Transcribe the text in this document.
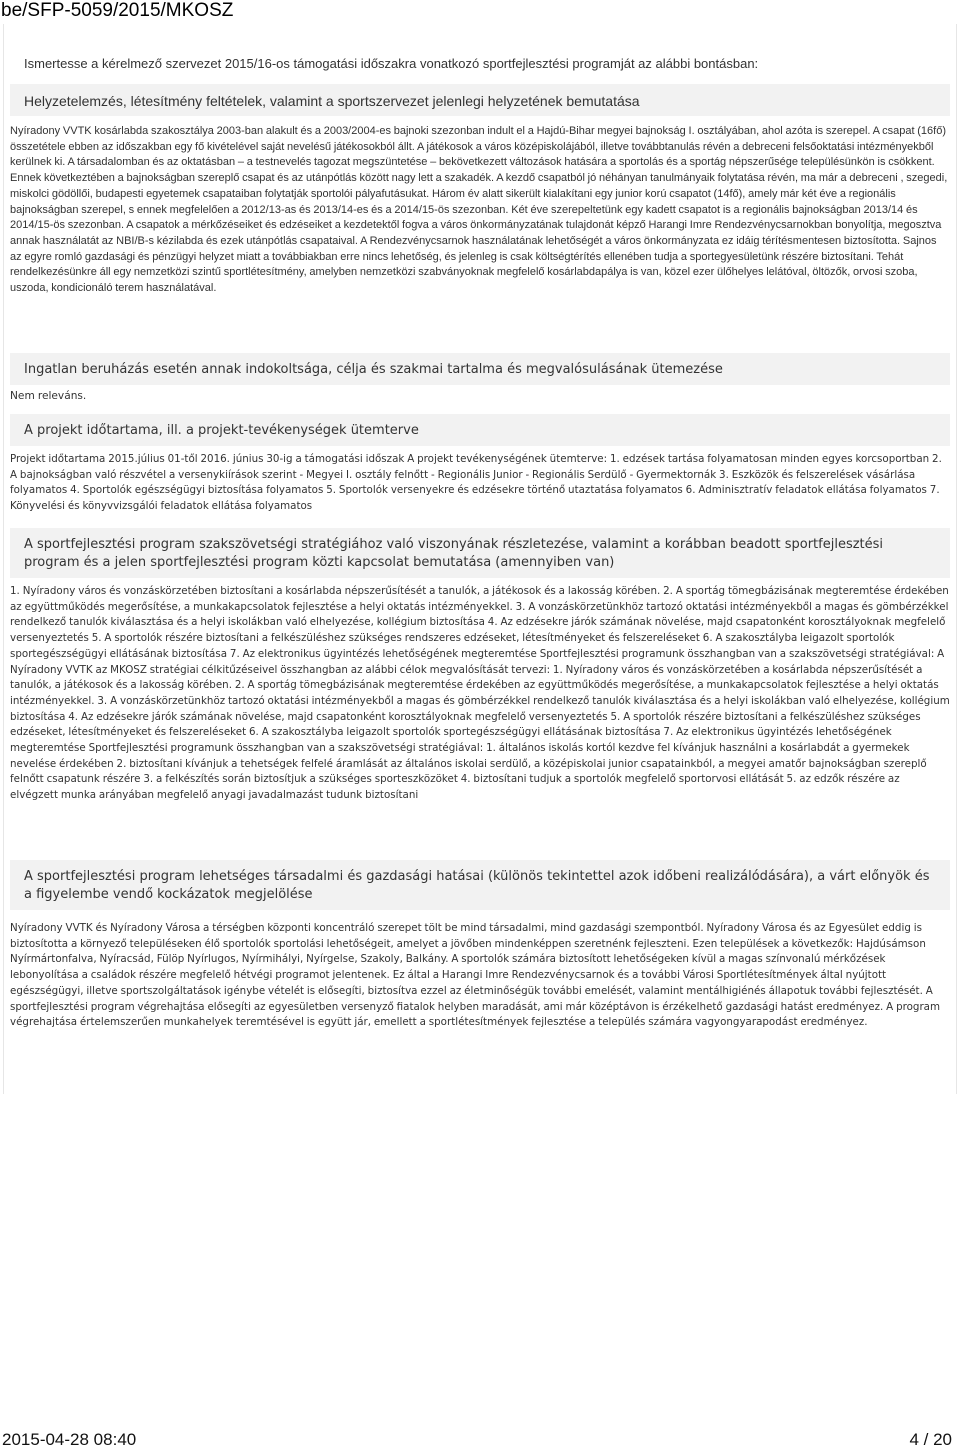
be/SFP-5059/2015/MKOSZ

Ismertesse a kérelmező szervezet 2015/16-os támogatási időszakra vonatkozó sportfejlesztési programját az alábbi bontásban:

Helyzetelemzés, létesítmény feltételek, valamint a sportszervezet jelenlegi helyzetének bemutatása

Nyíradony VVTK kosárlabda szakosztálya 2003-ban alakult és a 2003/2004-es bajnoki szezonban indult el a Hajdú-Bihar megyei bajnokság I. osztályában, ahol azóta is szerepel. A csapat (16fő) összetétele ebben az időszakban egy fő kivételével saját nevelésű játékosokból állt. A játékosok a város középiskolájából, illetve továbbtanulás révén a debreceni felsőoktatási intézményekből kerülnek ki. A társadalomban és az oktatásban – a testnevelés tagozat megszüntetése – bekövetkezett változások hatására a sportolás és a sportág népszerűsége településünkön is csökkent. Ennek következtében a bajnokságban szereplő csapat és az utánpótlás között nagy lett a szakadék. A kezdő csapatból jó néhányan tanulmányaik folytatása révén, ma már a debreceni , szegedi, miskolci gödöllői, budapesti egyetemek csapataiban folytatják sportolói pályafutásukat. Három év alatt sikerült kialakítani egy junior korú csapatot (14fő), amely már két éve a regionális bajnokságban szerepel, s ennek megfelelően a 2012/13-as és 2013/14-es és a 2014/15-ös szezonban. Két éve szerepeltetünk egy kadett csapatot is a regionális bajnokságban 2013/14 és 2014/15-ös szezonban. A csapatok a mérkőzéseiket és edzéseiket a kezdetektől fogva a város önkormányzatának tulajdonát képző Harangi Imre Rendezvénycsarnokban bonyolítja, megosztva annak használatát az NBI/B-s kézilabda és ezek utánpótlás csapataival. A Rendezvénycsarnok használatának lehetőségét a város önkormányzata ez idáig térítésmentesen biztosította. Sajnos az egyre romló gazdasági és pénzügyi helyzet miatt a továbbiakban erre nincs lehetőség, és jelenleg is csak költségtérítés ellenében tudja a sportegyesületünk részére biztosítani. Tehát rendelkezésünkre áll egy nemzetközi szintű sportlétesítmény, amelyben nemzetközi szabványoknak megfelelő kosárlabdapálya is van, közel ezer ülőhelyes lelátóval, öltözők, orvosi szoba, uszoda, kondicionáló terem használatával.

Ingatlan beruházás esetén annak indokoltsága, célja és szakmai tartalma és megvalósulásának ütemezése

Nem releváns.

A projekt időtartama, ill. a projekt-tevékenységek ütemterve

Projekt időtartama 2015.július 01-től 2016. június 30-ig a támogatási időszak A projekt tevékenységének ütemterve: 1. edzések tartása folyamatosan minden egyes korcsoportban 2. A bajnokságban való részvétel a versenykiírások szerint - Megyei I. osztály felnőtt - Regionális Junior - Regionális Serdülő - Gyermektornák 3. Eszközök és felszerelések vásárlása folyamatos 4. Sportolók egészségügyi biztosítása folyamatos 5. Sportolók versenyekre és edzésekre történő utaztatása folyamatos 6. Adminisztratív feladatok ellátása folyamatos 7. Könyvelési és könyvvizsgálói feladatok ellátása folyamatos

A sportfejlesztési program szakszövetségi stratégiához való viszonyának részletezése, valamint a korábban beadott sportfejlesztési program és a jelen sportfejlesztési program közti kapcsolat bemutatása (amennyiben van)

1. Nyíradony város és vonzáskörzetében biztosítani a kosárlabda népszerűsítését a tanulók, a játékosok és a lakosság körében. 2. A sportág tömegbázisának megteremtése érdekében az együttműködés megerősítése, a munkakapcsolatok fejlesztése a helyi oktatás intézményekkel. 3. A vonzáskörzetünkhöz tartozó oktatási intézményekből a magas és gömbérzékkel rendelkező tanulók kiválasztása és a helyi iskolákban való elhelyezése, kollégium biztosítása 4. Az edzésekre járók számának növelése, majd csapatonként korosztályoknak megfelelő versenyeztetés 5. A sportolók részére biztosítani a felkészüléshez szükséges rendszeres edzéseket, létesítményeket és felszereléseket 6. A szakosztályba leigazolt sportolók sportegészségügyi ellátásának biztosítása 7. Az elektronikus ügyintézés lehetőségének megteremtése Sportfejlesztési programunk összhangban van a szakszövetségi stratégiával: A Nyíradony VVTK az MKOSZ stratégiai célkitűzéseivel összhangban az alábbi célok megvalósítását tervezi: 1. Nyíradony város és vonzáskörzetében a kosárlabda népszerűsítését a tanulók, a játékosok és a lakosság körében. 2. A sportág tömegbázisának megteremtése érdekében az együttműködés megerősítése, a munkakapcsolatok fejlesztése a helyi oktatás intézményekkel. 3. A vonzáskörzetünkhöz tartozó oktatási intézményekből a magas és gömbérzékkel rendelkező tanulók kiválasztása és a helyi iskolákban való elhelyezése, kollégium biztosítása 4. Az edzésekre járók számának növelése, majd csapatonként korosztályoknak megfelelő versenyeztetés 5. A sportolók részére biztosítani a felkészüléshez szükséges edzéseket, létesítményeket és felszereléseket 6. A szakosztályba leigazolt sportolók sportegészségügyi ellátásának biztosítása 7. Az elektronikus ügyintézés lehetőségének megteremtése Sportfejlesztési programunk összhangban van a szakszövetségi stratégiával: 1. általános iskolás kortól kezdve fel kívánjuk használni a kosárlabdát a gyermekek nevelése érdekében 2. biztosítani kívánjuk a tehetségek felfelé áramlását az általános iskolai serdülő, a középiskolai junior csapatainkból, a megyei amatőr bajnokságban szereplő felnőtt csapatunk részére 3. a felkészítés során biztosítjuk a szükséges sporteszközöket 4. biztosítani tudjuk a sportolók megfelelő sportorvosi ellátását 5. az edzők részére az elvégzett munka arányában megfelelő anyagi javadalmazást tudunk biztosítani

A sportfejlesztési program lehetséges társadalmi és gazdasági hatásai (különös tekintettel azok időbeni realizálódására), a várt előnyök és a figyelembe vendő kockázatok megjelölése

Nyíradony VVTK és Nyíradony Városa a térségben központi koncentráló szerepet tölt be mind társadalmi, mind gazdasági szempontból. Nyíradony Városa és az Egyesület eddig is biztosította a környező településeken élő sportolók sportolási lehetőségeit, amelyet a jövőben mindenképpen szeretnénk fejleszteni. Ezen települések a következők: Hajdúsámson Nyírmártonfalva, Nyíracsád, Fülöp Nyírlugos, Nyírmihályi, Nyírgelse, Szakoly, Balkány. A sportolók számára biztosított lehetőségeken kívül a magas színvonalú mérkőzések lebonyolítása a családok részére megfelelő hétvégi programot jelentenek. Ez által a Harangi Imre Rendezvénycsarnok és a további Városi Sportlétesítmények által nyújtott egészségügyi, illetve sportszolgáltatások igénybe vételét is elősegíti, biztosítva ezzel az életminőségük további emelését, valamint mentálhigiénés állapotuk további fejlesztését. A sportfejlesztési program végrehajtása elősegíti az egyesületben versenyző fiatalok helyben maradását, ami már középtávon is érzékelhető gazdasági hatást eredményez. A program végrehajtása értelemszerűen munkahelyek teremtésével is együtt jár, emellett a sportlétesítmények fejlesztése a település számára vagyongyarapodást eredményez.

2015-04-28 08:40	4 / 20
